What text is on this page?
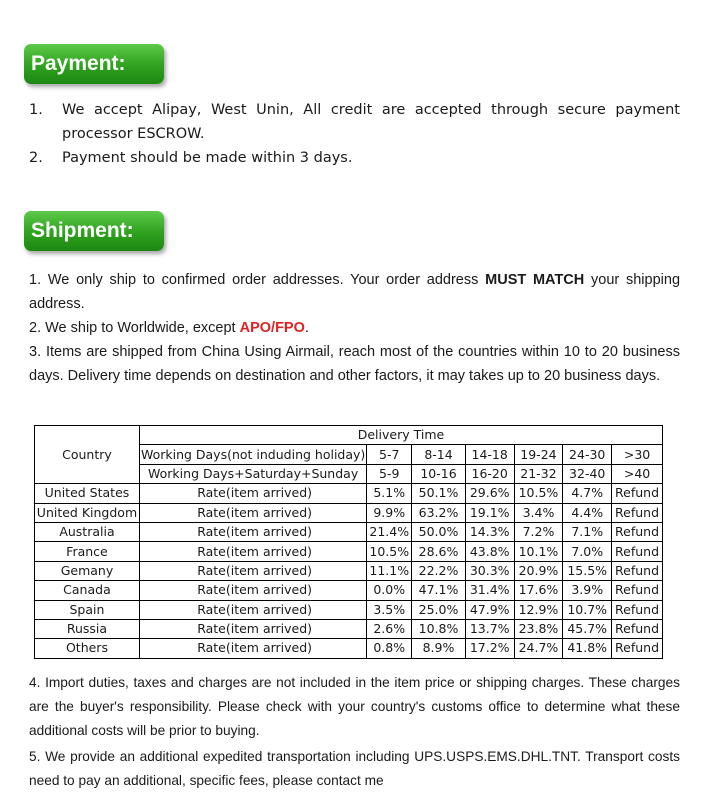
Payment:
1.	We accept Alipay, West Unin, All credit are accepted through secure payment processor ESCROW.
2.	Payment should be made within 3 days.
Shipment:

1. We only ship to confirmed order addresses. Your order address MUST MATCH your shipping address.

2. We ship to Worldwide, except APO/FPO.

3. Items are shipped from China Using Airmail, reach most of the countries within 10 to 20 business days. Delivery time depends on destination and other factors, it may takes up to 20 business days.

Country	Delivery Time						
	Working Days(not induding holiday)	5-7	8-14	14-18	19-24	24-30	>30
	Working Days+Saturday+Sunday	5-9	10-16	16-20	21-32	32-40	>40
United States	Rate(item arrived)	5.1%	50.1%	29.6%	10.5%	4.7%	Refund
United Kingdom	Rate(item arrived)	9.9%	63.2%	19.1%	3.4%	4.4%	Refund
Australia	Rate(item arrived)	21.4%	50.0%	14.3%	7.2%	7.1%	Refund
France	Rate(item arrived)	10.5%	28.6%	43.8%	10.1%	7.0%	Refund
Gemany	Rate(item arrived)	11.1%	22.2%	30.3%	20.9%	15.5%	Refund
Canada	Rate(item arrived)	0.0%	47.1%	31.4%	17.6%	3.9%	Refund
Spain	Rate(item arrived)	3.5%	25.0%	47.9%	12.9%	10.7%	Refund
Russia	Rate(item arrived)	2.6%	10.8%	13.7%	23.8%	45.7%	Refund
Others	Rate(item arrived)	0.8%	8.9%	17.2%	24.7%	41.8%	Refund

4. Import duties, taxes and charges are not included in the item price or shipping charges. These charges are the buyer's responsibility. Please check with your country's customs office to determine what these additional costs will be prior to buying.

5. We provide an additional expedited transportation including UPS.USPS.EMS.DHL.TNT. Transport costs need to pay an additional, specific fees, please contact me
